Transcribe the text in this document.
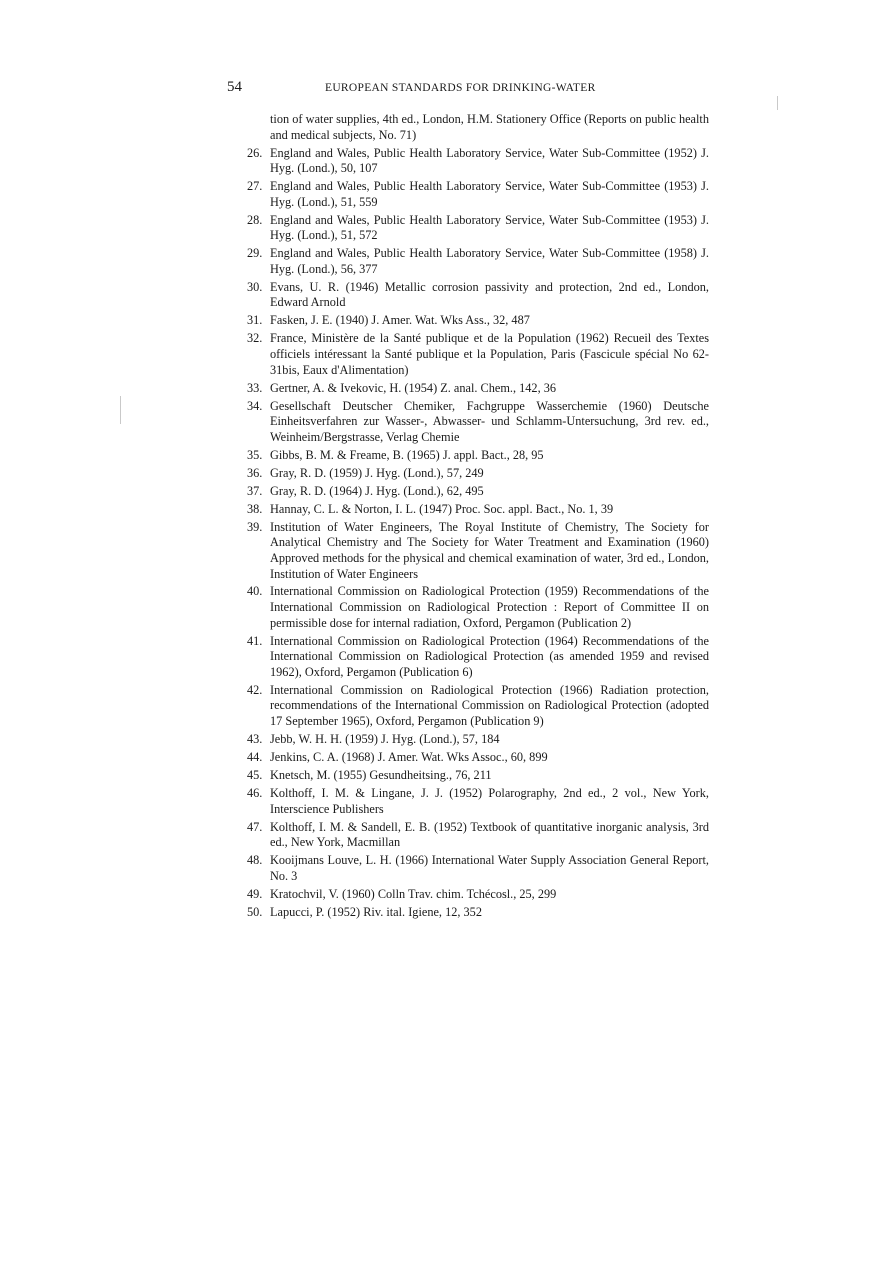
54	EUROPEAN STANDARDS FOR DRINKING-WATER
tion of water supplies, 4th ed., London, H.M. Stationery Office (Reports on public health and medical subjects, No. 71)
26. England and Wales, Public Health Laboratory Service, Water Sub-Committee (1952) J. Hyg. (Lond.), 50, 107
27. England and Wales, Public Health Laboratory Service, Water Sub-Committee (1953) J. Hyg. (Lond.), 51, 559
28. England and Wales, Public Health Laboratory Service, Water Sub-Committee (1953) J. Hyg. (Lond.), 51, 572
29. England and Wales, Public Health Laboratory Service, Water Sub-Committee (1958) J. Hyg. (Lond.), 56, 377
30. Evans, U. R. (1946) Metallic corrosion passivity and protection, 2nd ed., London, Edward Arnold
31. Fasken, J. E. (1940) J. Amer. Wat. Wks Ass., 32, 487
32. France, Ministère de la Santé publique et de la Population (1962) Recueil des Textes officiels intéressant la Santé publique et la Population, Paris (Fascicule spécial No 62-31bis, Eaux d'Alimentation)
33. Gertner, A. & Ivekovic, H. (1954) Z. anal. Chem., 142, 36
34. Gesellschaft Deutscher Chemiker, Fachgruppe Wasserchemie (1960) Deutsche Einheitsverfahren zur Wasser-, Abwasser- und Schlamm-Untersuchung, 3rd rev. ed., Weinheim/Bergstrasse, Verlag Chemie
35. Gibbs, B. M. & Freame, B. (1965) J. appl. Bact., 28, 95
36. Gray, R. D. (1959) J. Hyg. (Lond.), 57, 249
37. Gray, R. D. (1964) J. Hyg. (Lond.), 62, 495
38. Hannay, C. L. & Norton, I. L. (1947) Proc. Soc. appl. Bact., No. 1, 39
39. Institution of Water Engineers, The Royal Institute of Chemistry, The Society for Analytical Chemistry and The Society for Water Treatment and Examination (1960) Approved methods for the physical and chemical examination of water, 3rd ed., London, Institution of Water Engineers
40. International Commission on Radiological Protection (1959) Recommendations of the International Commission on Radiological Protection : Report of Committee II on permissible dose for internal radiation, Oxford, Pergamon (Publication 2)
41. International Commission on Radiological Protection (1964) Recommendations of the International Commission on Radiological Protection (as amended 1959 and revised 1962), Oxford, Pergamon (Publication 6)
42. International Commission on Radiological Protection (1966) Radiation protection, recommendations of the International Commission on Radiological Protection (adopted 17 September 1965), Oxford, Pergamon (Publication 9)
43. Jebb, W. H. H. (1959) J. Hyg. (Lond.), 57, 184
44. Jenkins, C. A. (1968) J. Amer. Wat. Wks Assoc., 60, 899
45. Knetsch, M. (1955) Gesundheitsing., 76, 211
46. Kolthoff, I. M. & Lingane, J. J. (1952) Polarography, 2nd ed., 2 vol., New York, Interscience Publishers
47. Kolthoff, I. M. & Sandell, E. B. (1952) Textbook of quantitative inorganic analysis, 3rd ed., New York, Macmillan
48. Kooijmans Louve, L. H. (1966) International Water Supply Association General Report, No. 3
49. Kratochvil, V. (1960) Colln Trav. chim. Tchécosl., 25, 299
50. Lapucci, P. (1952) Riv. ital. Igiene, 12, 352
